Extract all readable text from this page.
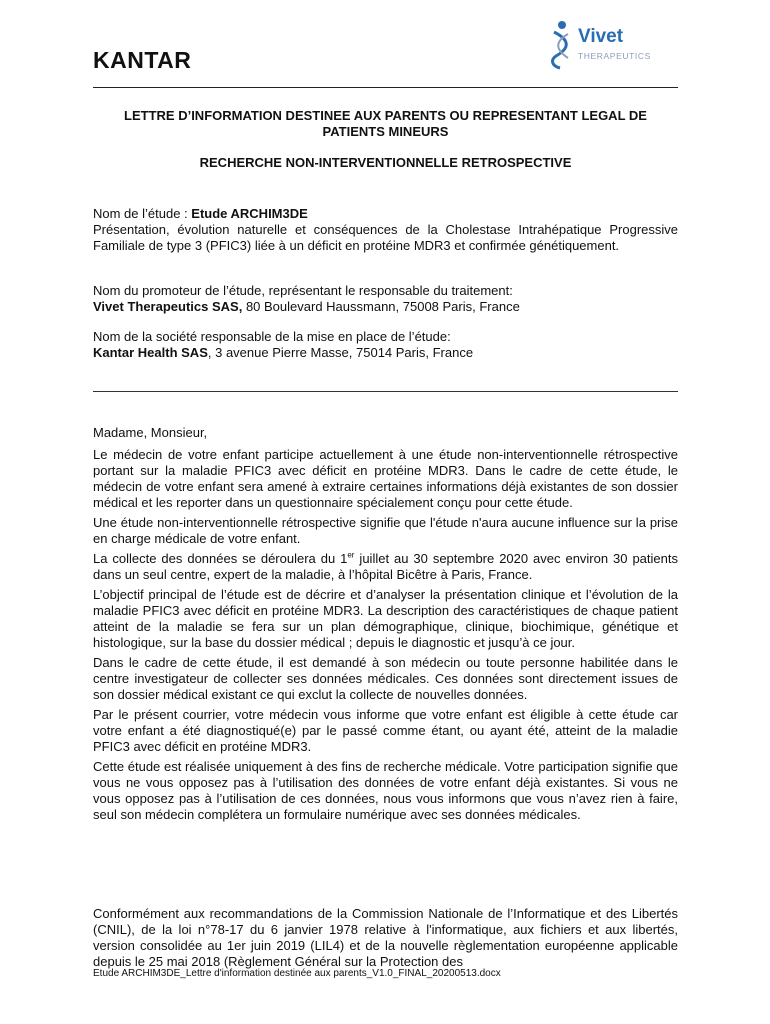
KANTAR
Vivet
THERAPEUTICS
LETTRE D’INFORMATION DESTINEE AUX PARENTS OU REPRESENTANT LEGAL DE PATIENTS MINEURS
RECHERCHE NON-INTERVENTIONNELLE RETROSPECTIVE
Nom de l’étude : Etude ARCHIM3DE
Présentation, évolution naturelle et conséquences de la Cholestase Intrahépatique Progressive Familiale de type 3 (PFIC3) liée à un déficit en protéine MDR3 et confirmée génétiquement.
Nom du promoteur de l’étude, représentant le responsable du traitement:
Vivet Therapeutics SAS, 80 Boulevard Haussmann, 75008 Paris, France
Nom de la société responsable de la mise en place de l’étude:
Kantar Health SAS, 3 avenue Pierre Masse, 75014 Paris, France

Madame, Monsieur,

Le médecin de votre enfant participe actuellement à une étude non-interventionnelle rétrospective portant sur la maladie PFIC3 avec déficit en protéine MDR3. Dans le cadre de cette étude, le médecin de votre enfant sera amené à extraire certaines informations déjà existantes de son dossier médical et les reporter dans un questionnaire spécialement conçu pour cette étude.

Une étude non-interventionnelle rétrospective signifie que l'étude n'aura aucune influence sur la prise en charge médicale de votre enfant.

La collecte des données se déroulera du 1er juillet au 30 septembre 2020 avec environ 30 patients dans un seul centre, expert de la maladie, à l’hôpital Bicêtre à Paris, France.

L’objectif principal de l’étude est de décrire et d’analyser la présentation clinique et l’évolution de la maladie PFIC3 avec déficit en protéine MDR3. La description des caractéristiques de chaque patient atteint de la maladie se fera sur un plan démographique, clinique, biochimique, génétique et histologique, sur la base du dossier médical ; depuis le diagnostic et jusqu’à ce jour.

Dans le cadre de cette étude, il est demandé à son médecin ou toute personne habilitée dans le centre investigateur de collecter ses données médicales. Ces données sont directement issues de son dossier médical existant ce qui exclut la collecte de nouvelles données.

Par le présent courrier, votre médecin vous informe que votre enfant est éligible à cette étude car votre enfant a été diagnostiqué(e) par le passé comme étant, ou ayant été, atteint de la maladie PFIC3 avec déficit en protéine MDR3.

Cette étude est réalisée uniquement à des fins de recherche médicale. Votre participation signifie que vous ne vous opposez pas à l’utilisation des données de votre enfant déjà existantes. Si vous ne vous opposez pas à l’utilisation de ces données, nous vous informons que vous n’avez rien à faire, seul son médecin complétera un formulaire numérique avec ses données médicales.

Conformément aux recommandations de la Commission Nationale de l’Informatique et des Libertés (CNIL), de la loi n°78-17 du 6 janvier 1978 relative à l'informatique, aux fichiers et aux libertés, version consolidée au 1er juin 2019 (LIL4) et de la nouvelle règlementation européenne applicable depuis le 25 mai 2018 (Règlement Général sur la Protection des
Etude ARCHIM3DE_Lettre d'information destinée aux parents_V1.0_FINAL_20200513.docx
